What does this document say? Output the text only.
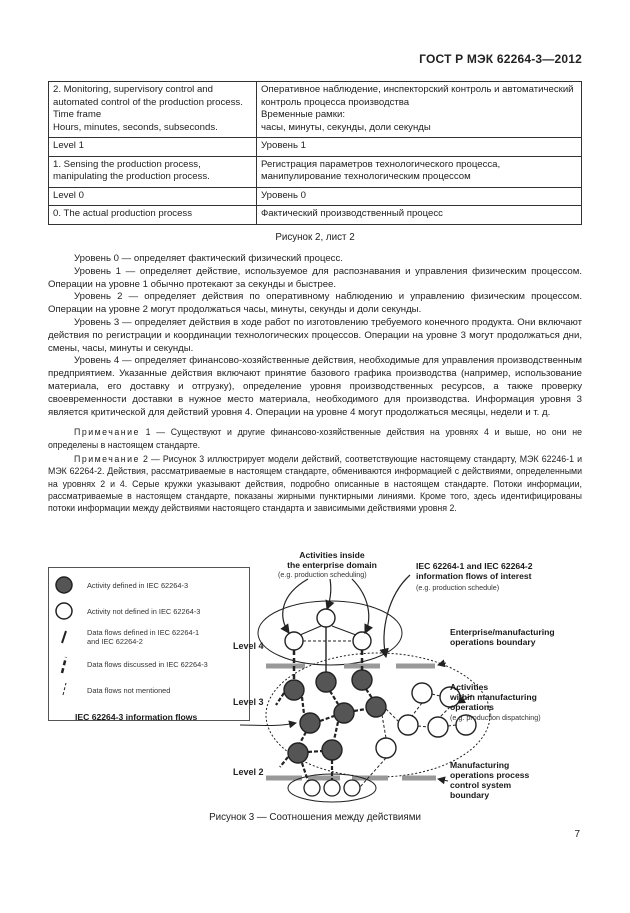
ГОСТ Р МЭК 62264-3—2012
2. Monitoring, supervisory control and automated control of the production process.
Time frame
Hours, minutes, seconds, subseconds.	Оперативное наблюдение, инспекторский контроль и автоматический контроль процесса производства
Временные рамки:
часы, минуты, секунды, доли секунды
Level 1	Уровень 1
1. Sensing the production process, manipulating the production process.	Регистрация параметров технологического процесса, манипулирование технологическим процессом
Level 0	Уровень 0
0. The actual production process	Фактический производственный процесс
Рисунок 2, лист 2

Уровень 0 — определяет фактический физический процесс.

Уровень 1 — определяет действие, используемое для распознавания и управления физическим процессом. Операции на уровне 1 обычно протекают за секунды и быстрее.

Уровень 2 — определяет действия по оперативному наблюдению и управлению физическим процессом. Операции на уровне 2 могут продолжаться часы, минуты, секунды и доли секунды.

Уровень 3 — определяет действия в ходе работ по изготовлению требуемого конечного продукта. Они включают действия по регистрации и координации технологических процессов. Операции на уровне 3 могут продолжаться дни, смены, часы, минуты и секунды.

Уровень 4 — определяет финансово-хозяйственные действия, необходимые для управления производственным предприятием. Указанные действия включают принятие базового графика производства (например, использование материала, его доставку и отгрузку), определение уровня производственных ресурсов, а также проверку своевременности доставки в нужное место материала, необходимого для производства. Информация уровня 3 является критической для действий уровня 4. Операции на уровне 4 могут продолжаться месяцы, недели и т. д.

Примечание 1 — Существуют и другие финансово-хозяйственные действия на уровнях 4 и выше, но они не определены в настоящем стандарте.

Примечание 2 — Рисунок 3 иллюстрирует модели действий, соответствующие настоящему стандарту, МЭК 62246-1 и МЭК 62264-2. Действия, рассматриваемые в настоящем стандарте, обмениваются информацией с действиями, определенными на уровнях 2 и 4. Серые кружки указывают действия, подробно описанные в настоящем стандарте. Потоки информации, рассматриваемые в настоящем стандарте, показаны жирными пунктирными линиями. Кроме того, здесь идентифицированы потоки информации между действиями настоящего стандарта и зависимыми действиями уровня 2.

Activity defined in IEC 62264-3
Activity not defined in IEC 62264-3
Data flows defined in IEC 62264-1
and IEC 62264-2
Data flows discussed in IEC 62264-3
Data flows not mentioned
Activities inside
the enterprise domain
(e.g. production scheduling)
IEC 62264-1 and IEC 62264-2
information flows of interest
(e.g. production schedule)
Enterprise/manufacturing
operations boundary
Activities
within manufacturing
operations
(e.g. production dispatching)
IEC 62264-3 information flows
Manufacturing
operations process
control system
boundary
Level 4
Level 3
Level 2
Рисунок 3 — Соотношения между действиями
7
